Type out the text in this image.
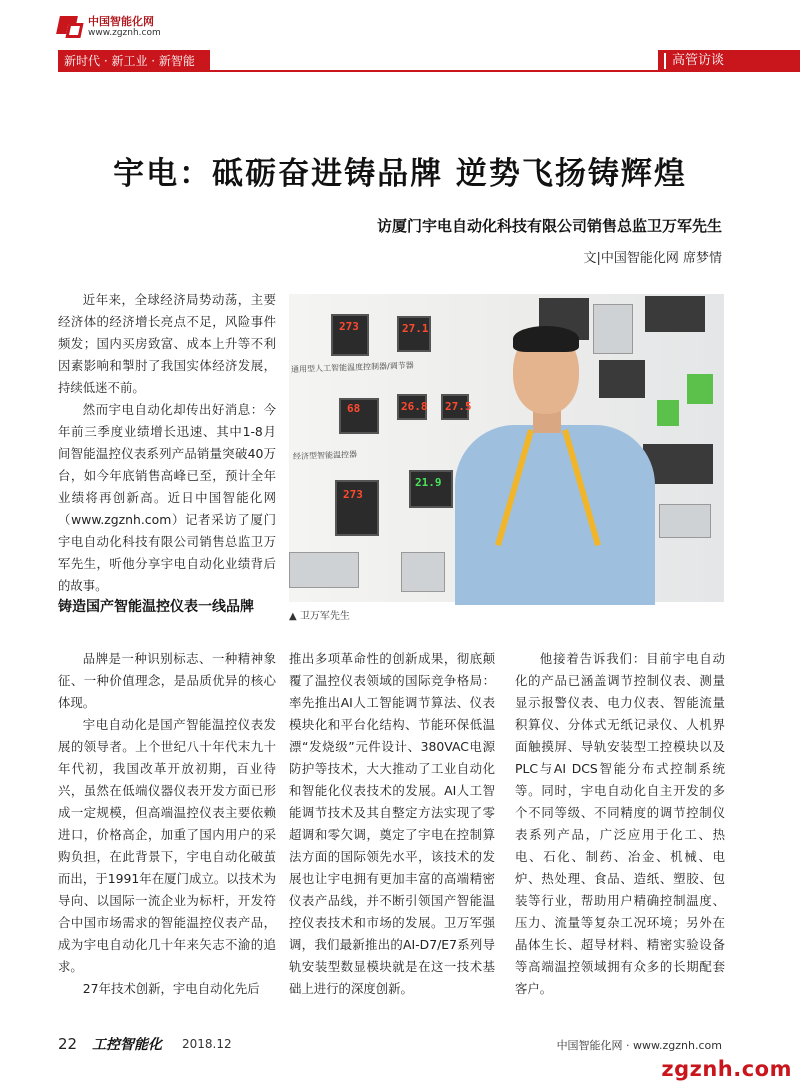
中国智能化网
www.zgznh.com
新时代 · 新工业 · 新智能	高管访谈
宇电：砥砺奋进铸品牌 逆势飞扬铸辉煌
访厦门宇电自动化科技有限公司销售总监卫万军先生
文|中国智能化网 席梦情

近年来，全球经济局势动荡，主要经济体的经济增长亮点不足，风险事件频发；国内买房致富、成本上升等不利因素影响和掣肘了我国实体经济发展，持续低迷不前。

然而宇电自动化却传出好消息：今年前三季度业绩增长迅速、其中1-8月间智能温控仪表系列产品销量突破40万台，如今年底销售高峰已至，预计全年业绩将再创新高。近日中国智能化网（www.zgznh.com）记者采访了厦门宇电自动化科技有限公司销售总监卫万军先生，听他分享宇电自动化业绩背后的故事。

通用型人工智能温度控制器/调节器
经济型智能温控器
273	27.1
68	26.8 27.5
21.9
273
▲ 卫万军先生
铸造国产智能温控仪表一线品牌

品牌是一种识别标志、一种精神象征、一种价值理念，是品质优异的核心体现。

宇电自动化是国产智能温控仪表发展的领导者。上个世纪八十年代末九十年代初，我国改革开放初期，百业待兴，虽然在低端仪器仪表开发方面已形成一定规模，但高端温控仪表主要依赖进口，价格高企，加重了国内用户的采购负担，在此背景下，宇电自动化破茧而出，于1991年在厦门成立。以技术为导向、以国际一流企业为标杆，开发符合中国市场需求的智能温控仪表产品，成为宇电自动化几十年来矢志不渝的追求。

27年技术创新，宇电自动化先后

推出多项革命性的创新成果，彻底颠覆了温控仪表领域的国际竞争格局：率先推出AI人工智能调节算法、仪表模块化和平台化结构、节能环保低温漂“发烧级”元件设计、380VAC电源防护等技术，大大推动了工业自动化和智能化仪表技术的发展。AI人工智能调节技术及其自整定方法实现了零超调和零欠调，奠定了宇电在控制算法方面的国际领先水平，该技术的发展也让宇电拥有更加丰富的高端精密仪表产品线，并不断引领国产智能温控仪表技术和市场的发展。卫万军强调，我们最新推出的AI-D7/E7系列导轨安装型数显模块就是在这一技术基础上进行的深度创新。

他接着告诉我们：目前宇电自动化的产品已涵盖调节控制仪表、测量显示报警仪表、电力仪表、智能流量积算仪、分体式无纸记录仪、人机界面触摸屏、导轨安装型工控模块以及PLC与AI DCS智能分布式控制系统等。同时，宇电自动化自主开发的多个不同等级、不同精度的调节控制仪表系列产品，广泛应用于化工、热电、石化、制药、冶金、机械、电炉、热处理、食品、造纸、塑胶、包装等行业，帮助用户精确控制温度、压力、流量等复杂工况环境；另外在晶体生长、超导材料、精密实验设备等高端温控领域拥有众多的长期配套客户。

22 工控智能化 2018.12	中国智能化网 · www.zgznh.com
zgznh.com
